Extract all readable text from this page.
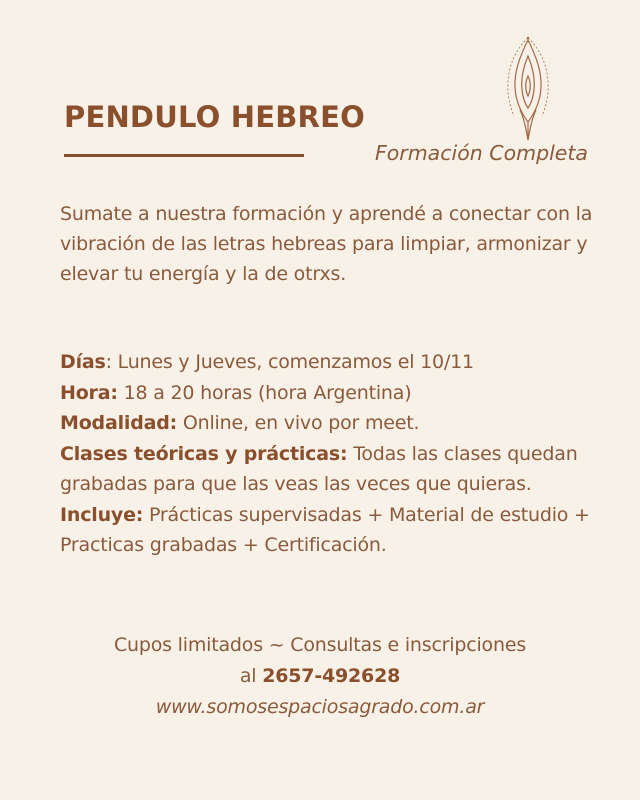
PENDULO HEBREO
Formación Completa

Sumate a nuestra formación y aprendé a conectar con la vibración de las letras hebreas para limpiar, armonizar y elevar tu energía y la de otrxs.

Días: Lunes y Jueves, comenzamos el 10/11

Hora: 18 a 20 horas (hora Argentina)

Modalidad: Online, en vivo por meet.

Clases teóricas y prácticas: Todas las clases quedan grabadas para que las veas las veces que quieras.

Incluye: Prácticas supervisadas + Material de estudio + Practicas grabadas + Certificación.

Cupos limitados ~ Consultas e inscripciones

al 2657-492628

www.somosespaciosagrado.com.ar
